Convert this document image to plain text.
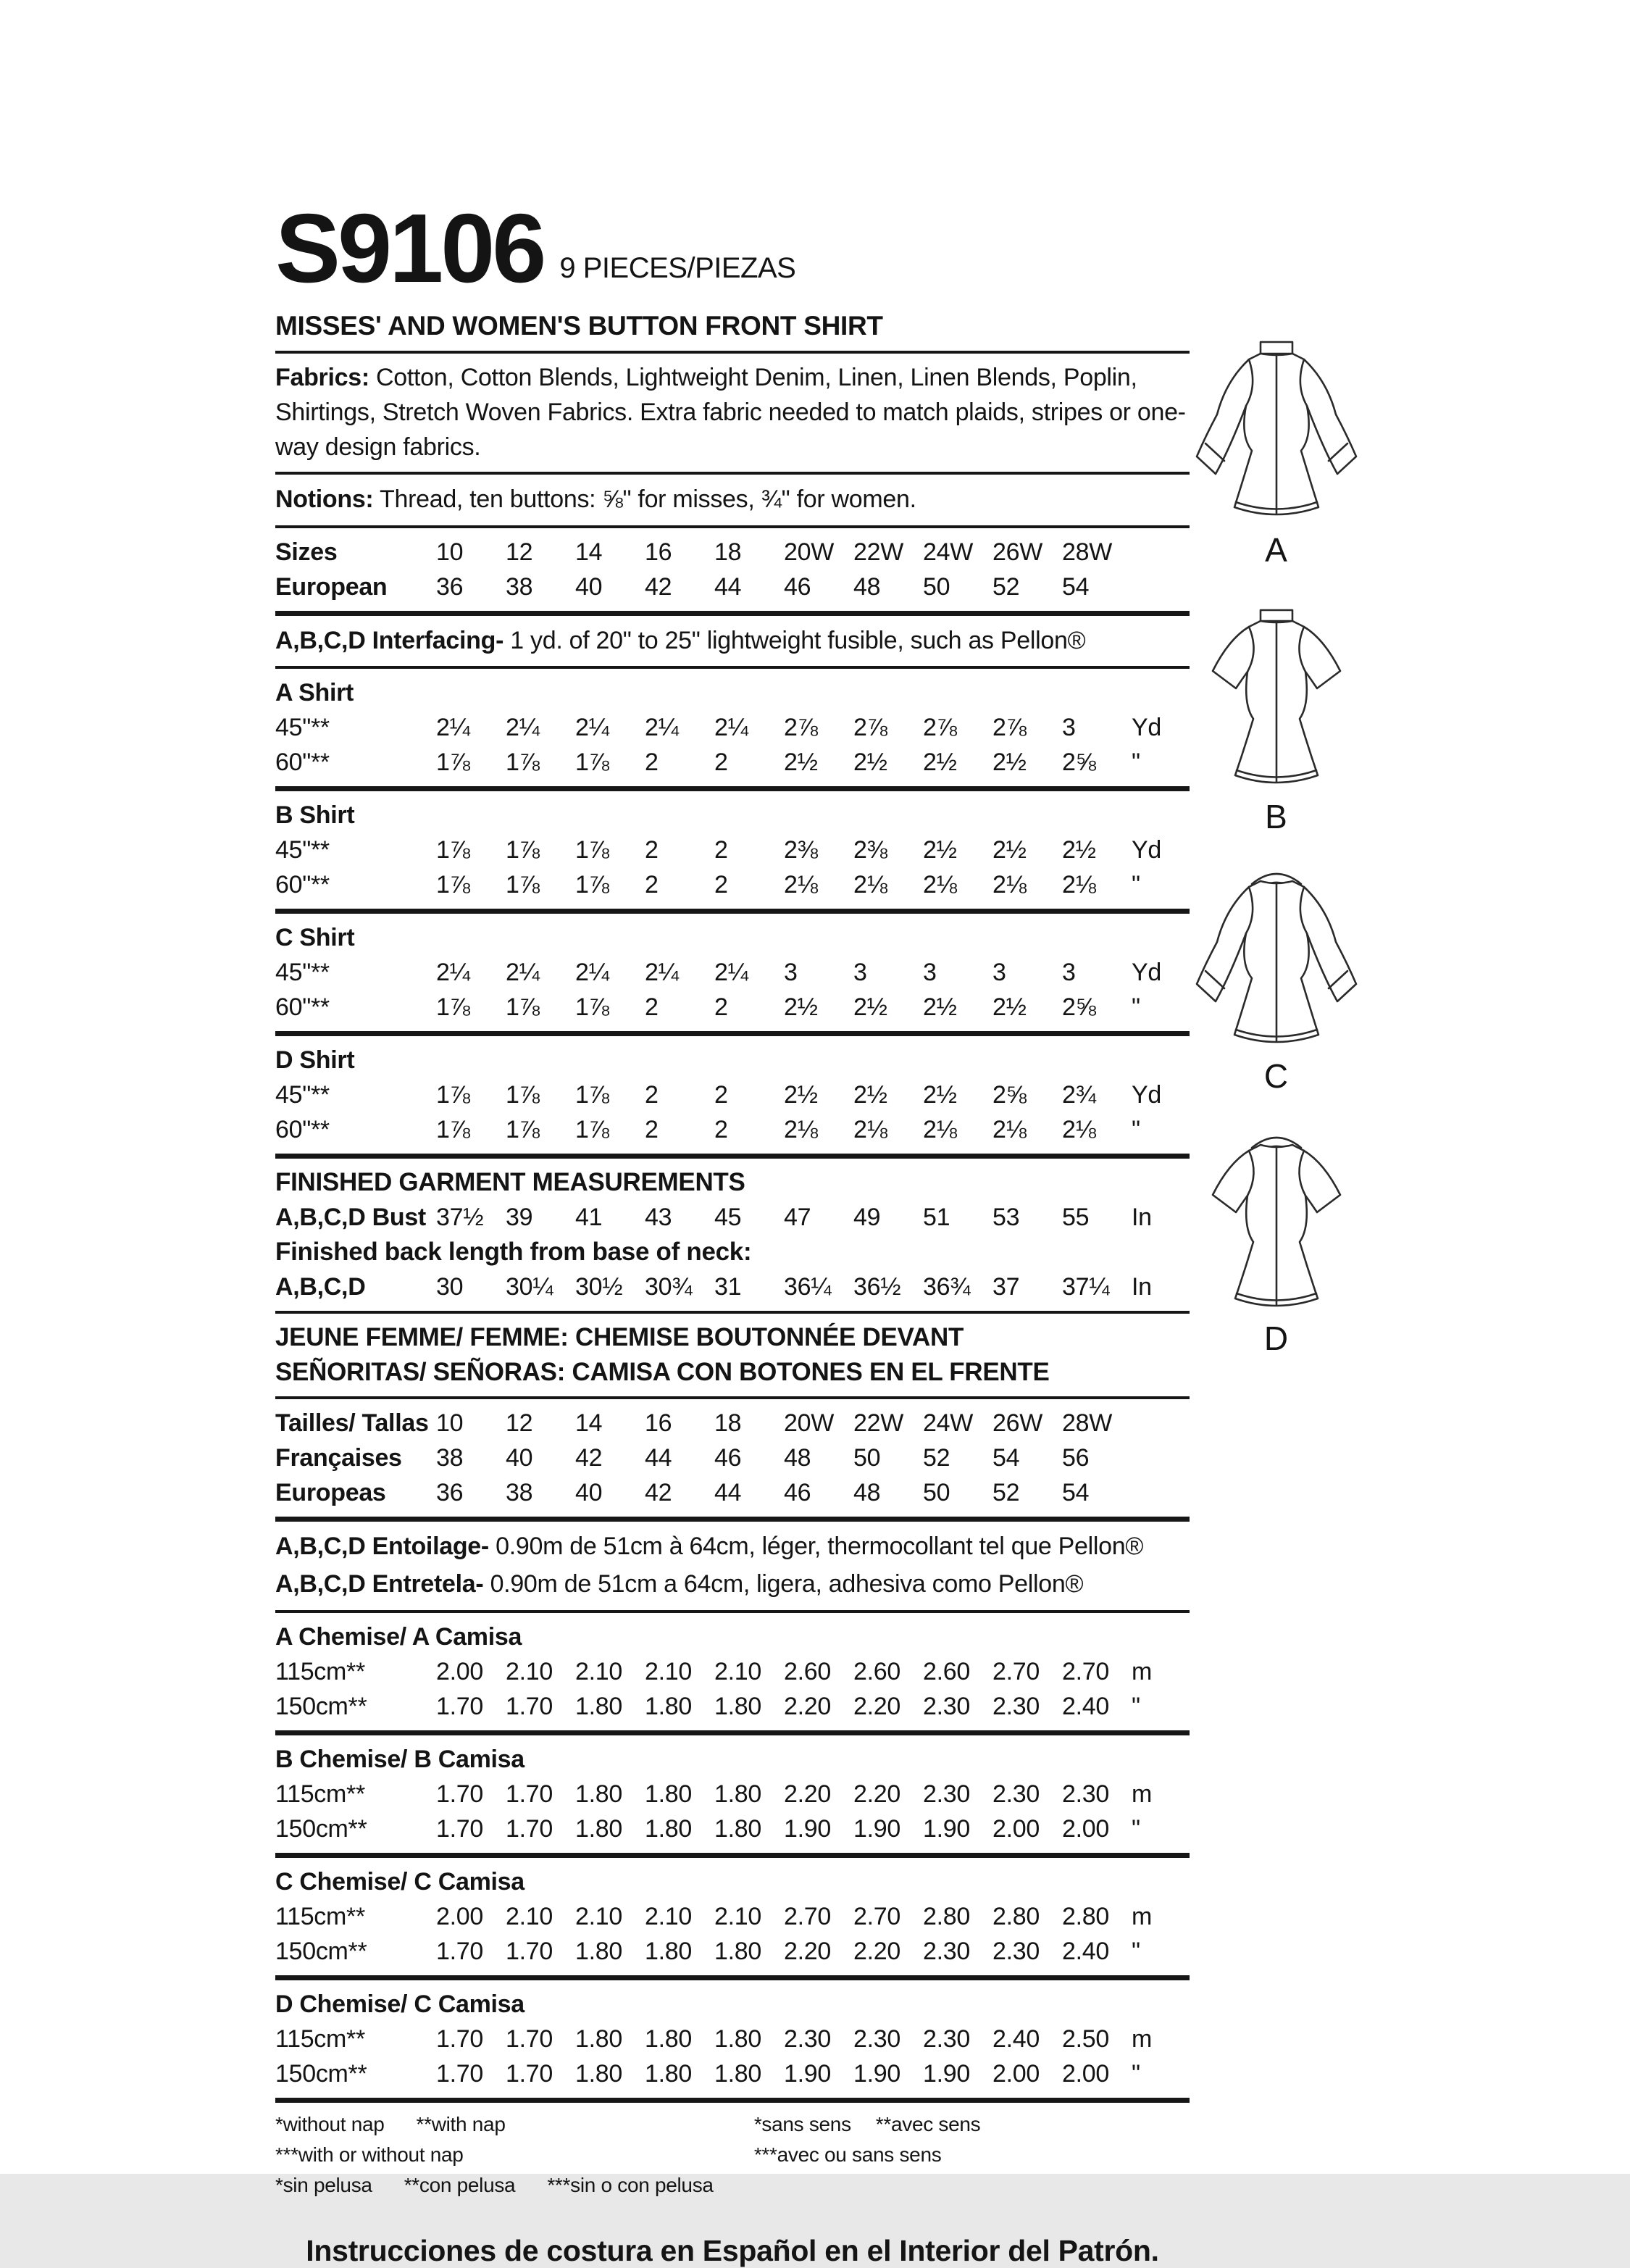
S9106 9 PIECES/PIEZAS
MISSES' AND WOMEN'S BUTTON FRONT SHIRT
Fabrics: Cotton, Cotton Blends, Lightweight Denim, Linen, Linen Blends, Poplin, Shirtings, Stretch Woven Fabrics. Extra fabric needed to match plaids, stripes or one-way design fabrics.
Notions: Thread, ten buttons: ⅝" for misses, ¾" for women.
Sizes	10	12	14	16	18	20W 22W 24W 26W 28W
European	36	38	40	42	44	46	48	50	52	54
A,B,C,D Interfacing- 1 yd. of 20" to 25" lightweight fusible, such as Pellon®
A Shirt
45"**	2¼	2¼	2¼	2¼	2¼	2⅞	2⅞	2⅞	2⅞	3	Yd
60"**	1⅞	1⅞	1⅞	2	2	2½	2½	2½	2½	2⅝	"
B Shirt
45"**	1⅞	1⅞	1⅞	2	2	2⅜	2⅜	2½	2½	2½	Yd
60"**	1⅞	1⅞	1⅞	2	2	2⅛	2⅛	2⅛	2⅛	2⅛	"
C Shirt
45"**	2¼	2¼	2¼	2¼	2¼	3	3	3	3	3	Yd
60"**	1⅞	1⅞	1⅞	2	2	2½	2½	2½	2½	2⅝	"
D Shirt
45"**	1⅞	1⅞	1⅞	2	2	2½	2½	2½	2⅝	2¾	Yd
60"**	1⅞	1⅞	1⅞	2	2	2⅛	2⅛	2⅛	2⅛	2⅛	"
FINISHED GARMENT MEASUREMENTS
A,B,C,D Bust 37½ 39	41	43	45	47	49	51	53	55	In
Finished back length from base of neck:
A,B,C,D	30	30¼ 30½ 30¾ 31	36¼ 36½ 36¾ 37	37¼ In
JEUNE FEMME/ FEMME: CHEMISE BOUTONNÉE DEVANT
SEÑORITAS/ SEÑORAS: CAMISA CON BOTONES EN EL FRENTE
Tailles/ Tallas 10	12	14	16	18	20W 22W 24W 26W 28W
Françaises	38	40	42	44	46	48	50	52	54	56
Europeas	36	38	40	42	44	46	48	50	52	54
A,B,C,D Entoilage- 0.90m de 51cm à 64cm, léger, thermocollant tel que Pellon®
A,B,C,D Entretela- 0.90m de 51cm a 64cm, ligera, adhesiva como Pellon®
A Chemise/ A Camisa
115cm**	2.00 2.10 2.10 2.10 2.10 2.60 2.60 2.60 2.70 2.70 m
150cm**	1.70 1.70 1.80 1.80 1.80 2.20 2.20 2.30 2.30 2.40 "
B Chemise/ B Camisa
115cm**	1.70 1.70 1.80 1.80 1.80 2.20 2.20 2.30 2.30 2.30 m
150cm**	1.70 1.70 1.80 1.80 1.80 1.90 1.90 1.90 2.00 2.00 "
C Chemise/ C Camisa
115cm**	2.00 2.10 2.10 2.10 2.10 2.70 2.70 2.80 2.80 2.80 m
150cm**	1.70 1.70 1.80 1.80 1.80 2.20 2.20 2.30 2.30 2.40 "
D Chemise/ C Camisa
115cm**	1.70 1.70 1.80 1.80 1.80 2.30 2.30 2.30 2.40 2.50 m
150cm**	1.70 1.70 1.80 1.80 1.80 1.90 1.90 1.90 2.00 2.00 "
*without nap **with nap***with or without nap
*sin pelusa **con pelusa ***sin o con pelusa
*sans sens **avec sens***avec ou sans sens
Instrucciones de costura en Español en el Interior del Patrón.
A
B
C
D
